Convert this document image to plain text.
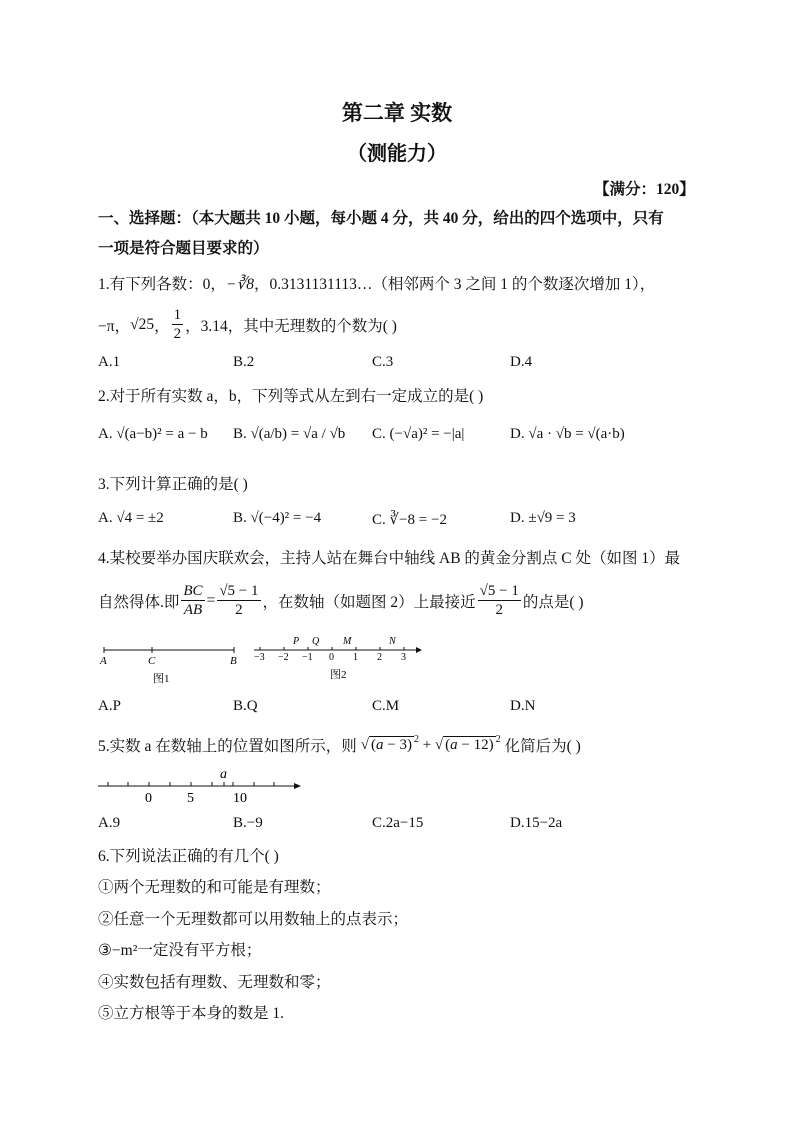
第二章 实数
（测能力）
【满分：120】
一、选择题：（本大题共 10 小题，每小题 4 分，共 40 分，给出的四个选项中，只有
一项是符合题目要求的）
1.有下列各数：0，−∛8，0.3131131113…（相邻两个 3 之间 1 的个数逐次增加 1），
−π， √25 ， $\frac{1}{2}$ ，3.14，其中无理数的个数为( )
A.1	B.2	C.3	D.4
2.对于所有实数 a，b，下列等式从左到右一定成立的是( )
A. √(a−b)² = a − b B. √(a/b) = √a / √b C. (−√a)² = −|a|	D. √a · √b = √(a·b)
3.下列计算正确的是( )
A. √4 = ±2	B. √(−4)² = −4	C. ∛−8 = −2	D. ±√9 = 3
4.某校要举办国庆联欢会，主持人站在舞台中轴线 AB 的黄金分割点 C 处（如图 1）最
自然得体.即 $\frac{BC}{AB} = \frac{√5 - 1}{2}$ ，在数轴（如题图 2）上最接近 $\frac{√5 - 1}{2}$ 的点是( )
A	C	B
图1
−3 −2 −1 0 1 2 3
P Q M	N
图2
A.P	B.Q	C.M	D.N
5.实数 a 在数轴上的位置如图所示，则 √ (a − 3) $^2$ + √ (a − 12) $^2$ 化简后为( )
0	5	10
a
A.9	B.−9	C.2a−15	D.15−2a
6.下列说法正确的有几个( )
①两个无理数的和可能是有理数；
②任意一个无理数都可以用数轴上的点表示；
③−m²一定没有平方根；
④实数包括有理数、无理数和零；
⑤立方根等于本身的数是 1.
